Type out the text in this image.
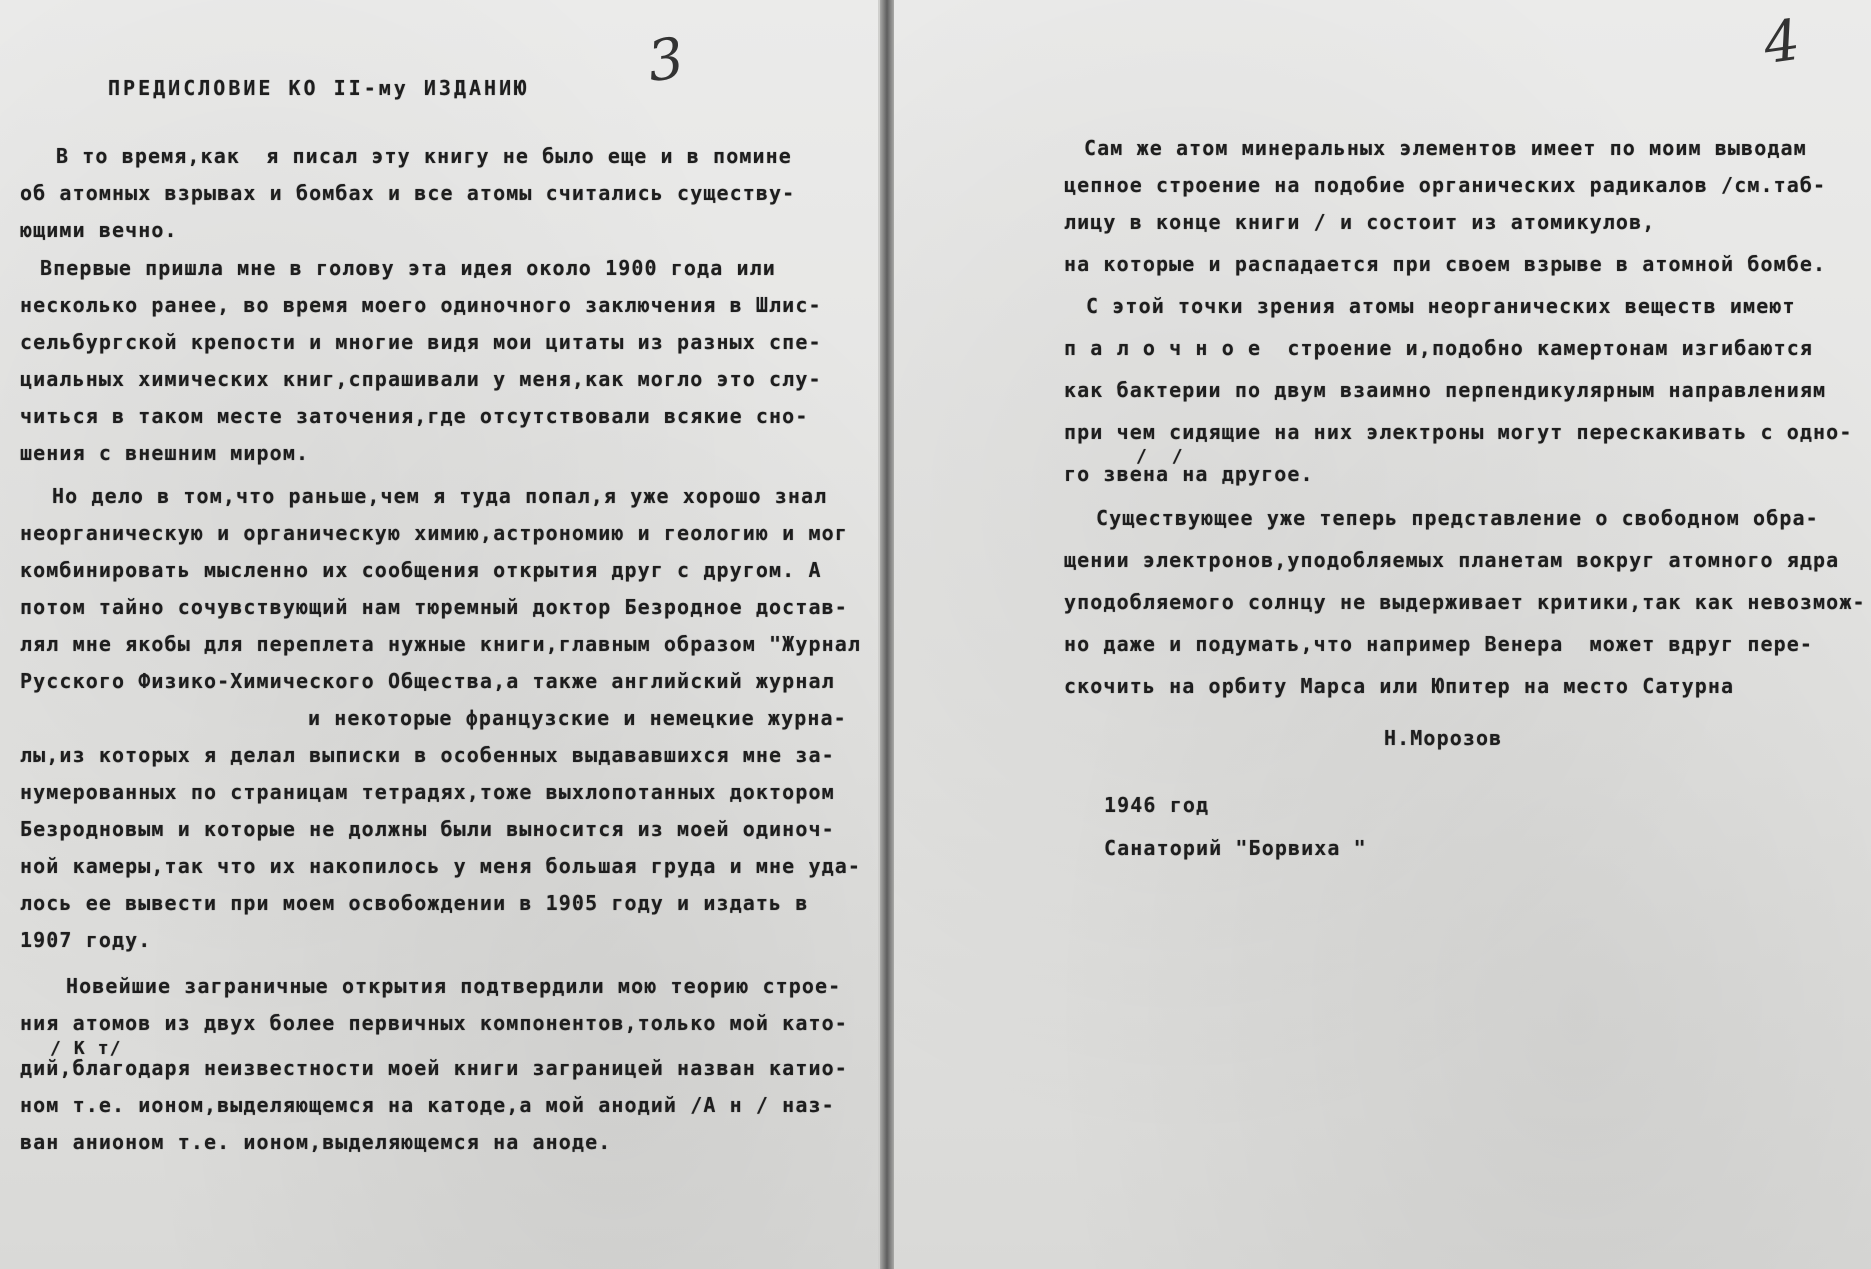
3

ПРЕДИСЛОВИЕ КО II-му ИЗДАНИЮ

В то время,как  я писал эту книгу не было еще и в помине

об атомных взрывах и бомбах и все атомы считались существу-

ющими вечно.

Впервые пришла мне в голову эта идея около 1900 года или

несколько ранее, во время моего одиночного заключения в Шлис-

сельбургской крепости и многие видя мои цитаты из разных спе-

циальных химических книг,спрашивали у меня,как могло это слу-

читься в таком месте заточения,где отсутствовали всякие сно-

шения с внешним миром.

Но дело в том,что раньше,чем я туда попал,я уже хорошо знал

неорганическую и органическую химию,астрономию и геологию и мог

комбинировать мысленно их сообщения открытия друг с другом. А

потом тайно сочувствующий нам тюремный доктор Безродное достав-

лял мне якобы для переплета нужные книги,главным образом "Журнал

Русского Физико-Химического Общества,а также английский журнал

и некоторые французские и немецкие журна-

лы,из которых я делал выписки в особенных выдававшихся мне за-

нумерованных по страницам тетрадях,тоже выхлопотанных доктором

Безродновым и которые не должны были выносится из моей одиноч-

ной камеры,так что их накопилось у меня большая груда и мне уда-

лось ее вывести при моем освобождении в 1905 году и издать в

1907 году.

Новейшие заграничные открытия подтвердили мою теорию строе-

ния атомов из двух более первичных компонентов,только мой като-

/ К т/

дий,благодаря неизвестности моей книги заграницей назван катио-

ном т.е. ионом,выделяющемся на катоде,а мой анодий /А н / наз-

ван анионом т.е. ионом,выделяющемся на аноде.

4

Сам же атом минеральных элементов имеет по моим выводам

цепное строение на подобие органических радикалов /см.таб-

лицу в конце книги / и состоит из атомикулов,

на которые и распадается при своем взрыве в атомной бомбе.

С этой точки зрения атомы неорганических веществ имеют

п а л о ч н о е  строение и,подобно камертонам изгибаются

как бактерии по двум взаимно перпендикулярным направлениям

при чем сидящие на них электроны могут перескакивать с одно-

/  /

го звена на другое.

Существующее уже теперь представление о свободном обра-

щении электронов,уподобляемых планетам вокруг атомного ядра

уподобляемого солнцу не выдерживает критики,так как невозмож-

но даже и подумать,что например Венера  может вдруг пере-

скочить на орбиту Марса или Юпитер на место Сатурна

Н.Морозов

1946 год

Санаторий "Борвиха "
